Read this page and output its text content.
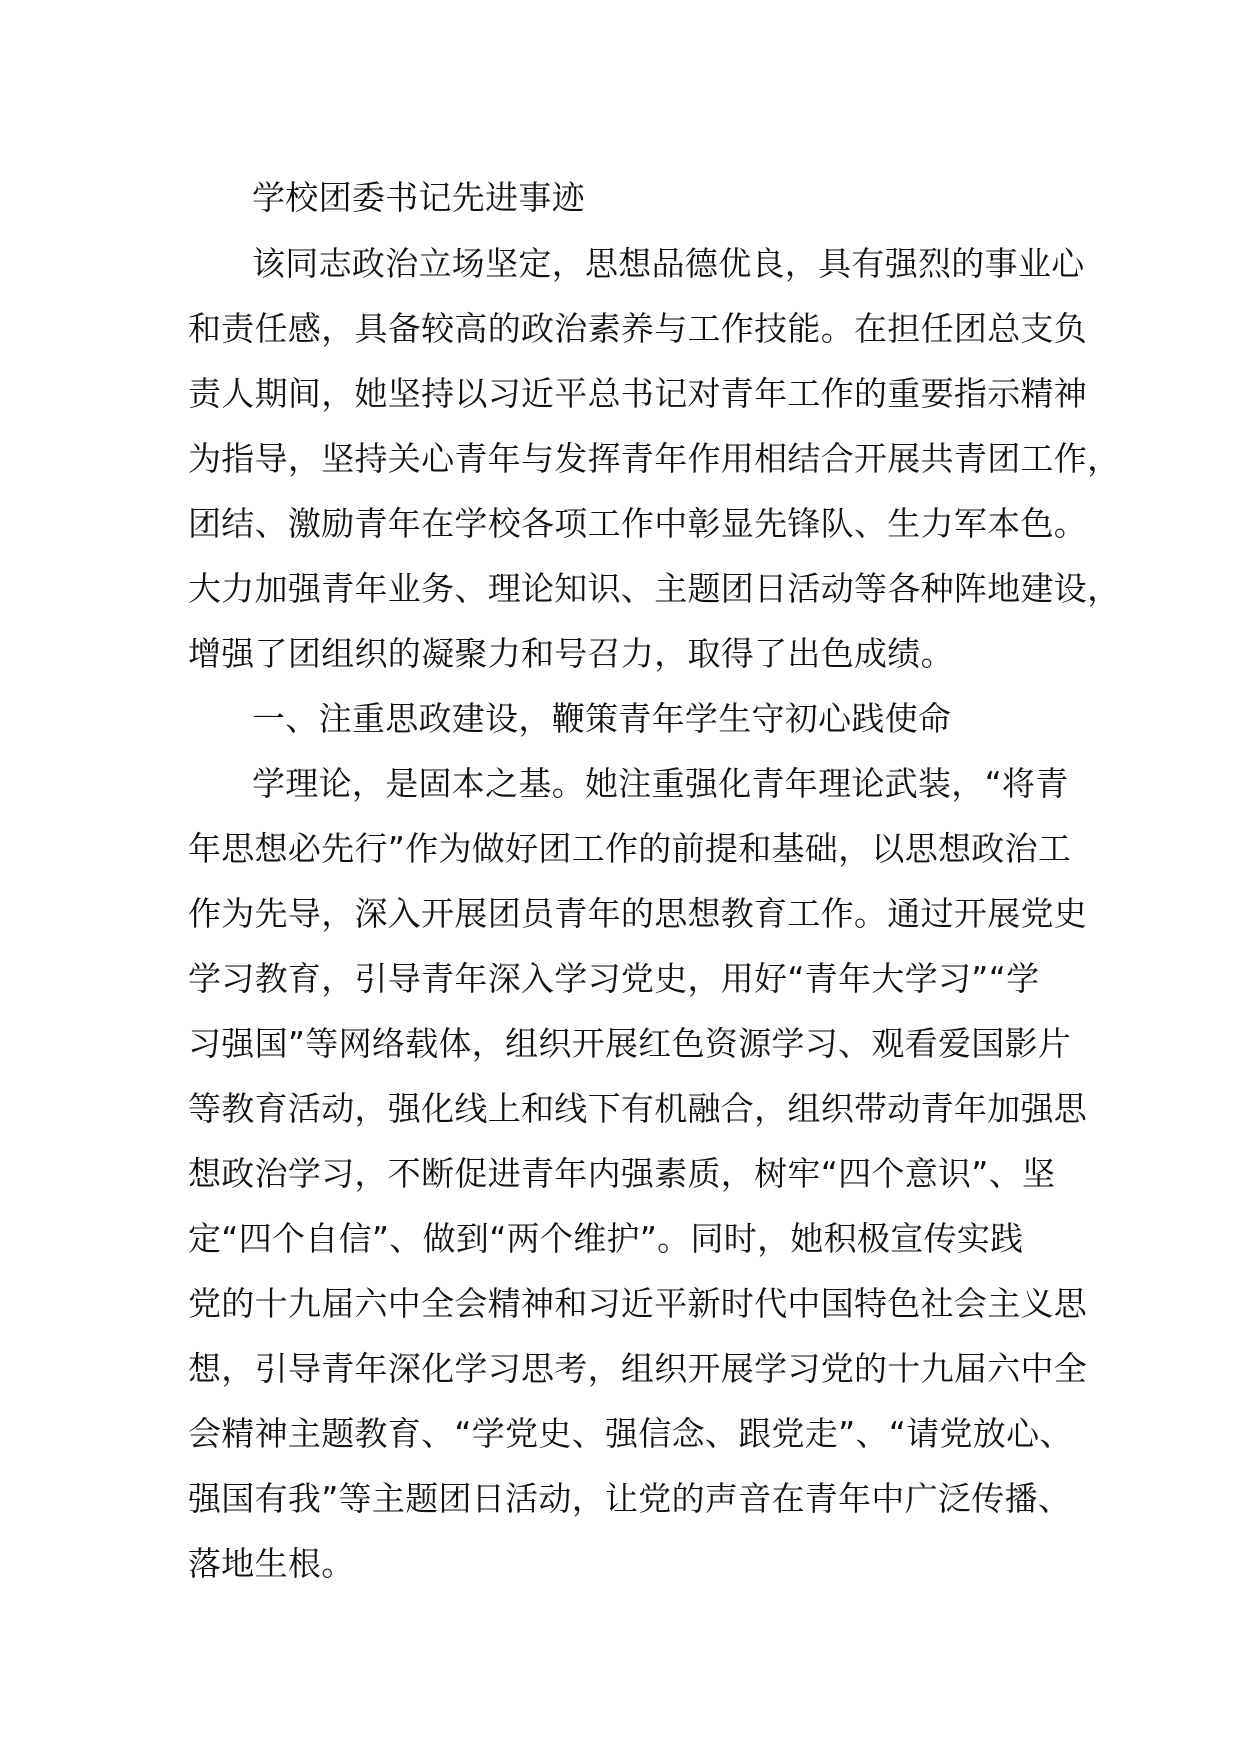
学校团委书记先进事迹
该同志政治立场坚定，思想品德优良，具有强烈的事业心
和责任感，具备较高的政治素养与工作技能。在担任团总支负
责人期间，她坚持以习近平总书记对青年工作的重要指示精神
为指导，坚持关心青年与发挥青年作用相结合开展共青团工作，
团结、激励青年在学校各项工作中彰显先锋队、生力军本色。
大力加强青年业务、理论知识、主题团日活动等各种阵地建设，
增强了团组织的凝聚力和号召力，取得了出色成绩。
一、注重思政建设，鞭策青年学生守初心践使命
学理论，是固本之基。她注重强化青年理论武装，“将青
年思想必先行”作为做好团工作的前提和基础，以思想政治工
作为先导，深入开展团员青年的思想教育工作。通过开展党史
学习教育，引导青年深入学习党史，用好“青年大学习”“学
习强国”等网络载体，组织开展红色资源学习、观看爱国影片
等教育活动，强化线上和线下有机融合，组织带动青年加强思
想政治学习，不断促进青年内强素质，树牢“四个意识”、坚
定“四个自信”、做到“两个维护”。同时，她积极宣传实践
党的十九届六中全会精神和习近平新时代中国特色社会主义思
想，引导青年深化学习思考，组织开展学习党的十九届六中全
会精神主题教育、“学党史、强信念、跟党走”、“请党放心、
强国有我”等主题团日活动，让党的声音在青年中广泛传播、
落地生根。
